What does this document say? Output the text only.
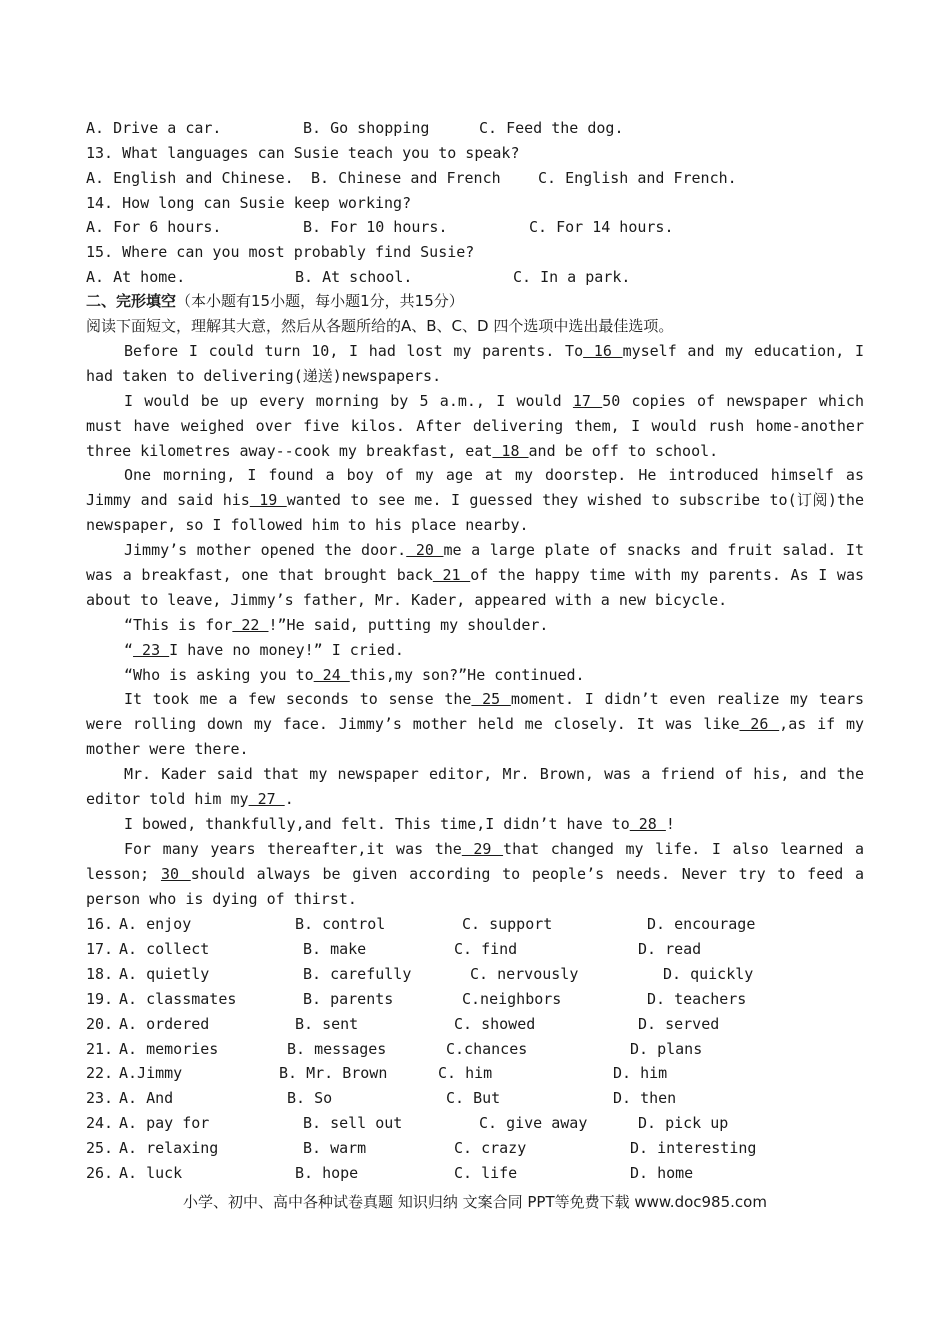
A. Drive a car.	B. Go shopping	C. Feed the dog.
13. What languages can Susie teach you to speak?
A. English and Chinese. B. Chinese and French C. English and French.
14. How long can Susie keep working?
A. For 6 hours.	B. For 10 hours.	C. For 14 hours.
15. Where can you most probably find Susie?
A. At home.	B. At school.	C. In a park.
二、完形填空（本小题有15小题，每小题1分，共15分）
阅读下面短文，理解其大意，然后从各题所给的A、B、C、D 四个选项中选出最佳选项。
Before I could turn 10, I had lost my parents. To 16 myself and my education, I had taken to delivering(递送)newspapers.
I would be up every morning by 5 a.m., I would 17 50 copies of newspaper which must have weighed over five kilos. After delivering them, I would rush home-another three kilometres away--cook my breakfast, eat 18 and be off to school.
One morning, I found a boy of my age at my doorstep. He introduced himself as Jimmy and said his 19 wanted to see me. I guessed they wished to subscribe to(订阅)the newspaper, so I followed him to his place nearby.
Jimmy’s mother opened the door. 20 me a large plate of snacks and fruit salad. It was a breakfast, one that brought back 21 of the happy time with my parents. As I was about to leave, Jimmy’s father, Mr. Kader, appeared with a new bicycle.
“This is for 22 !”He said, putting my shoulder.
“ 23 I have no money!” I cried.
“Who is asking you to 24 this,my son?”He continued.
It took me a few seconds to sense the 25 moment. I didn’t even realize my tears were rolling down my face. Jimmy’s mother held me closely. It was like 26 ,as if my mother were there.
Mr. Kader said that my newspaper editor, Mr. Brown, was a friend of his, and the editor told him my 27 .
I bowed, thankfully,and felt. This time,I didn’t have to 28 !
For many years thereafter,it was the 29 that changed my life. I also learned a lesson; 30 should always be given according to people’s needs. Never try to feed a person who is dying of thirst.
16. A. enjoy	B. control	C. support	D. encourage
17. A. collect	B. make	C. find	D. read
18. A. quietly	B. carefully	C. nervously	D. quickly
19. A. classmates	B. parents	C.neighbors	D. teachers
20. A. ordered	B. sent	C. showed	D. served
21. A. memories	B. messages	C.chances	D. plans
22. A.Jimmy	B. Mr. Brown	C. him	D. him
23. A. And	B. So	C. But	D. then
24. A. pay for	B. sell out	C. give away	D. pick up
25. A. relaxing	B. warm	C. crazy	D. interesting
26. A. luck	B. hope	C. life	D. home
小学、初中、高中各种试卷真题 知识归纳 文案合同 PPT等免费下载 www.doc985.com
